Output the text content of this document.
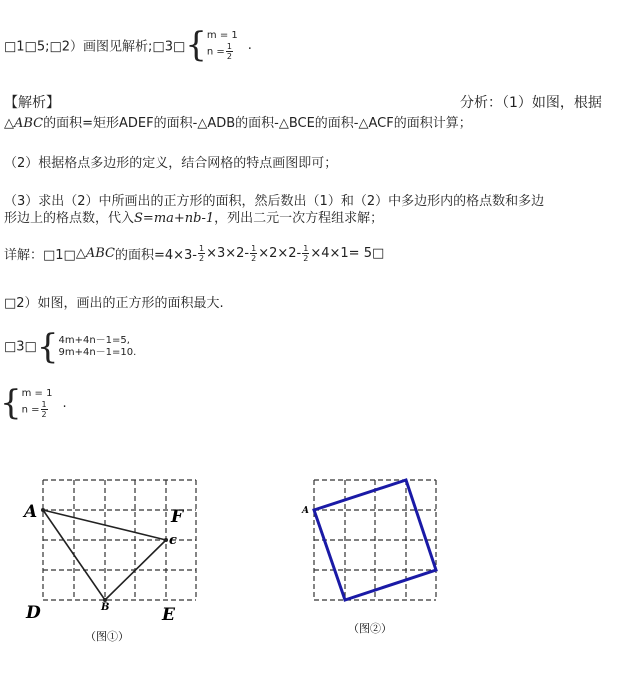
□1□5;□2）画图见解析;□3□{ m = 1
$n = \frac{1}{2}$ .
【解析】	分析：（1）如图，根据
△ABC的面积=矩形ADEF的面积-△ADB的面积-△BCE的面积-△ACF的面积计算；
（2）根据格点多边形的定义，结合网格的特点画图即可；
（3）求出（2）中所画出的正方形的面积，然后数出（1）和（2）中多边形内的格点数和多边
形边上的格点数，代入S=ma+nb-1，列出二元一次方程组求解；
详解：□1□△ABC的面积$=4\times 3- \frac{1}{2} \times 3\times 2- \frac{1}{2} \times 2\times 2- \frac{1}{2} \times 4\times 1=$ 5□
□2）如图，画出的正方形的面积最大.
□3□{ 4m+4n－1=5,
9m+4n－1=10.
{ m = 1
$n = \frac{1}{2}$ .
A	F
c
D	B	E
（图①）
A
（图②）
